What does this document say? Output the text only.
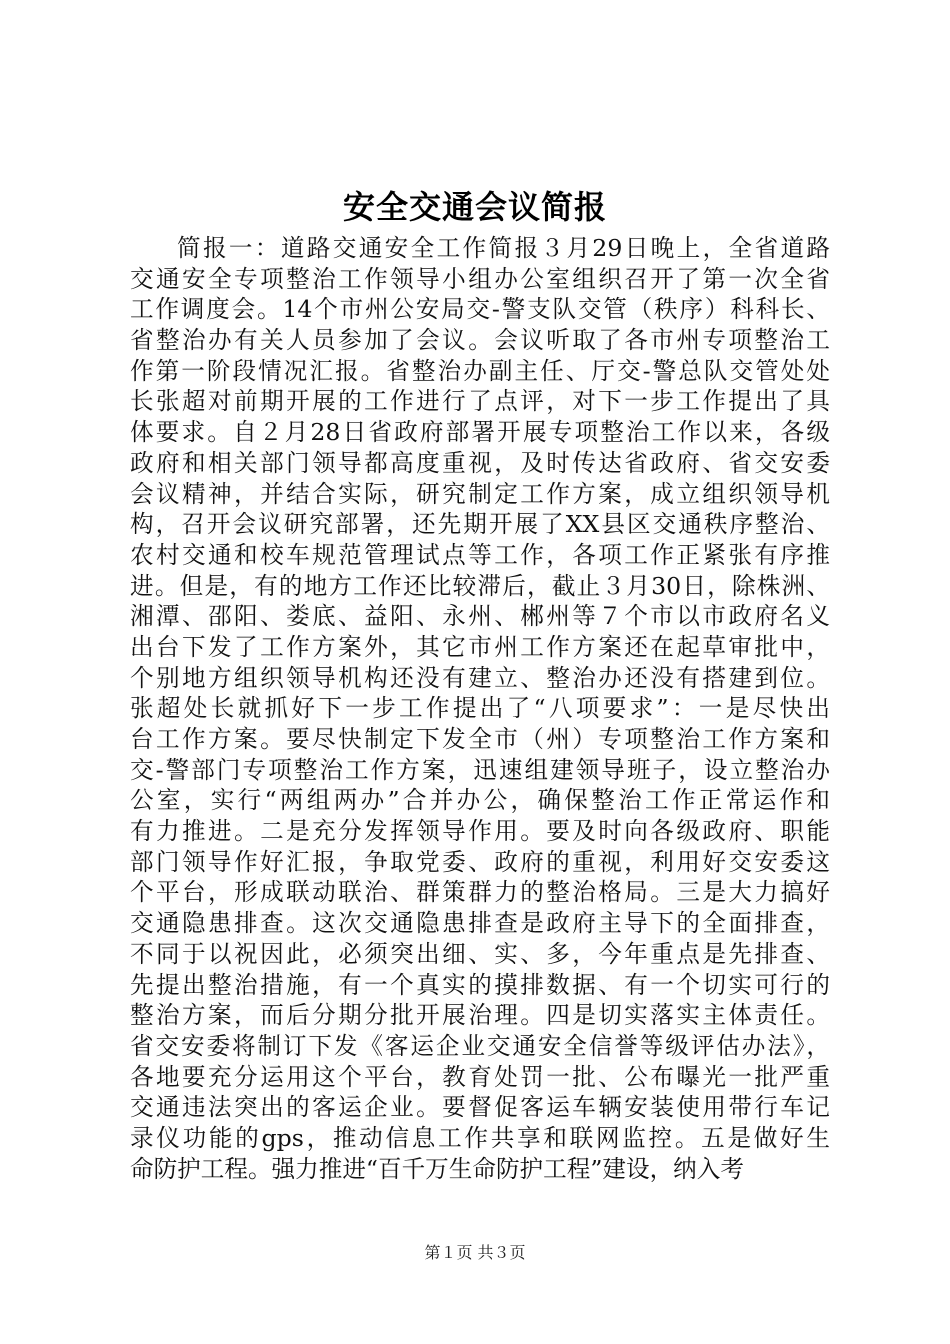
安全交通会议简报
简报一：道路交通安全工作简报３月29日晚上，全省道路
交通安全专项整治工作领导小组办公室组织召开了第一次全省
工作调度会。14个市州公安局交-警支队交管（秩序）科科长、
省整治办有关人员参加了会议。会议听取了各市州专项整治工
作第一阶段情况汇报。省整治办副主任、厅交-警总队交管处处
长张超对前期开展的工作进行了点评，对下一步工作提出了具
体要求。自２月28日省政府部署开展专项整治工作以来，各级
政府和相关部门领导都高度重视，及时传达省政府、省交安委
会议精神，并结合实际，研究制定工作方案，成立组织领导机
构，召开会议研究部署，还先期开展了XX县区交通秩序整治、
农村交通和校车规范管理试点等工作，各项工作正紧张有序推
进。但是，有的地方工作还比较滞后，截止３月30日，除株洲、
湘潭、邵阳、娄底、益阳、永州、郴州等７个市以市政府名义
出台下发了工作方案外，其它市州工作方案还在起草审批中，
个别地方组织领导机构还没有建立、整治办还没有搭建到位。
张超处长就抓好下一步工作提出了“八项要求”：一是尽快出
台工作方案。要尽快制定下发全市（州）专项整治工作方案和
交-警部门专项整治工作方案，迅速组建领导班子，设立整治办
公室，实行“两组两办”合并办公，确保整治工作正常运作和
有力推进。二是充分发挥领导作用。要及时向各级政府、职能
部门领导作好汇报，争取党委、政府的重视，利用好交安委这
个平台，形成联动联治、群策群力的整治格局。三是大力搞好
交通隐患排查。这次交通隐患排查是政府主导下的全面排查，
不同于以祝因此，必须突出细、实、多，今年重点是先排查、
先提出整治措施，有一个真实的摸排数据、有一个切实可行的
整治方案，而后分期分批开展治理。四是切实落实主体责任。
省交安委将制订下发《客运企业交通安全信誉等级评估办法》，
各地要充分运用这个平台，教育处罚一批、公布曝光一批严重
交通违法突出的客运企业。要督促客运车辆安装使用带行车记
录仪功能的gps，推动信息工作共享和联网监控。五是做好生
命防护工程。强力推进“百千万生命防护工程”建设，纳入考
第１页 共３页
